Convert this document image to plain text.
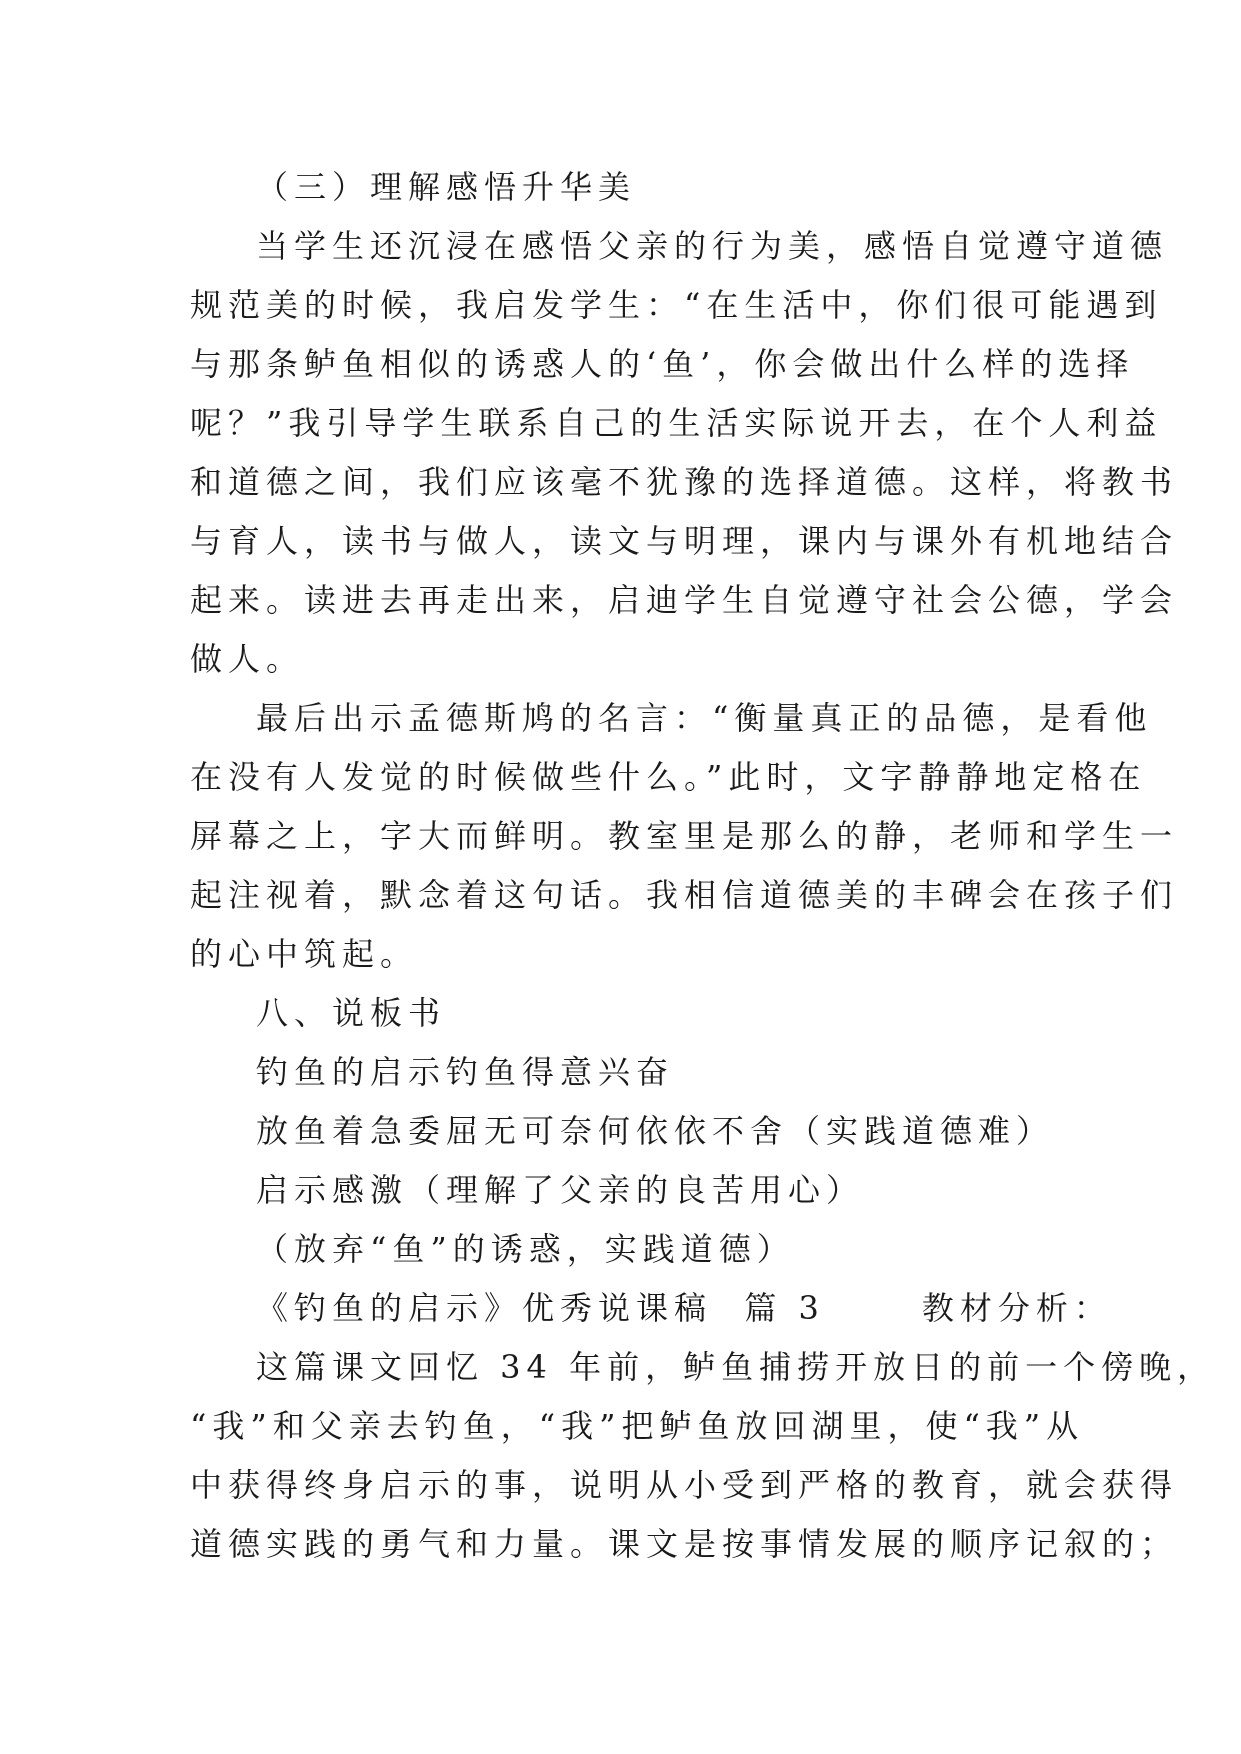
（三）理解感悟升华美
当学生还沉浸在感悟父亲的行为美，感悟自觉遵守道德
规范美的时候，我启发学生：“在生活中，你们很可能遇到
与那条鲈鱼相似的诱惑人的‘鱼’，你会做出什么样的选择
呢？”我引导学生联系自己的生活实际说开去，在个人利益
和道德之间，我们应该毫不犹豫的选择道德。这样，将教书
与育人，读书与做人，读文与明理，课内与课外有机地结合
起来。读进去再走出来，启迪学生自觉遵守社会公德，学会
做人。
最后出示孟德斯鸠的名言：“衡量真正的品德，是看他
在没有人发觉的时候做些什么。”此时，文字静静地定格在
屏幕之上，字大而鲜明。教室里是那么的静，老师和学生一
起注视着，默念着这句话。我相信道德美的丰碑会在孩子们
的心中筑起。
八、说板书
钓鱼的启示钓鱼得意兴奋
放鱼着急委屈无可奈何依依不舍（实践道德难）
启示感激（理解了父亲的良苦用心）
（放弃“鱼”的诱惑，实践道德）
《钓鱼的启示》优秀说课稿  篇 3      教材分析：
这篇课文回忆 34 年前，鲈鱼捕捞开放日的前一个傍晚，
“我”和父亲去钓鱼，“我”把鲈鱼放回湖里，使“我”从
中获得终身启示的事，说明从小受到严格的教育，就会获得
道德实践的勇气和力量。课文是按事情发展的顺序记叙的；
